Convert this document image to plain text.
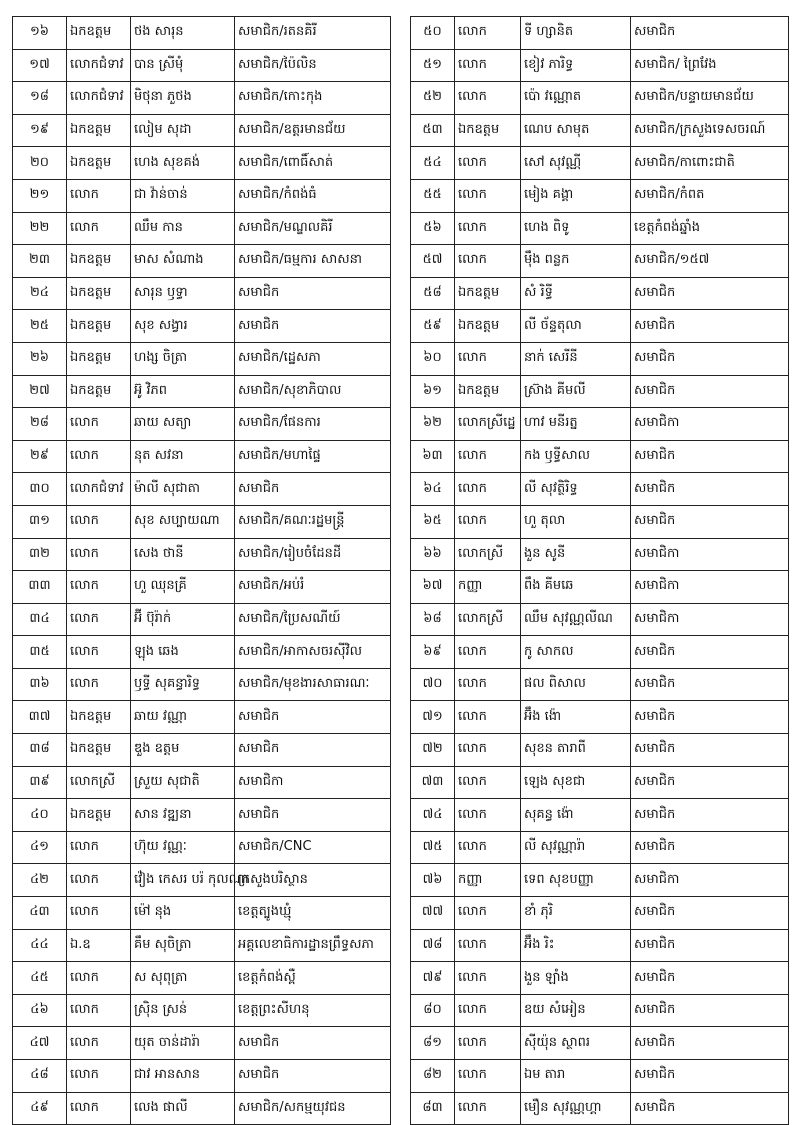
១៦	ឯកឧត្តម	ថង សារុន	សមាជិក/រតនគិរី
១៧	លោកជំទាវ	បាន ស្រីមុំ	សមាជិក/ប៉ៃលិន
១៨	លោកជំទាវ	មិថុនា ភួថង	សមាជិក/កោះកុង
១៩	ឯកឧត្តម	លៀម សុដា	សមាជិក/ឧត្តរមានជ័យ
២០	ឯកឧត្តម	ហេង សុខគង់	សមាជិក/ពោធិ៍សាត់
២១	លោក	ជា វ៉ាន់ចាន់	សមាជិក/កំពង់ធំ
២២	លោក	ឈឹម កាន	សមាជិក/មណ្ឌលគិរី
២៣	ឯកឧត្តម	មាស សំណាង	សមាជិក/ធម្មការ សាសនា
២៤	ឯកឧត្តម	សារុន ឫទ្ធា	សមាជិក
២៥	ឯកឧត្តម	សុខ សង្វារ	សមាជិក
២៦	ឯកឧត្តម	ហង្ស ចិត្រា	សមាជិក/ដ្ឋេសភា
២៧	ឯកឧត្តម	អ៊ូ វិភព	សមាជិក/សុខាភិបាល
២៨	លោក	ឆាយ សត្យា	សមាជិក/ផែនការ
២៩	លោក	នុត សវនា	សមាជិក/មហាផ្ទៃ
៣០	លោកជំទាវ	ម៉ាលី សុជាតា	សមាជិក
៣១	លោក	សុខ សប្បាយណា	សមាជិក/គណៈរដ្ឋមន្ត្រី
៣២	លោក	សេង ថានី	សមាជិក/រៀបចំដែនដី
៣៣	លោក	ហួ ឈុនគ្រី	សមាជិក/អប់រំ
៣៤	លោក	អ៊ី ប៊ុរ៉ាក់	សមាជិក/ប្រៃសណីយ៍
៣៥	លោក	ឡុង ឆេង	សមាជិក/អាកាសចរស៊ីវិល
៣៦	លោក	ឫទ្ធី សុគន្ធារិទ្ធ	សមាជិក/មុខងារសាធារណៈ
៣៧	ឯកឧត្តម	ឆាយ វណ្ណា	សមាជិក
៣៨	ឯកឧត្តម	ឌួង ឧត្តម	សមាជិក
៣៩	លោកស្រី	ស្រួយ សុជាតិ	សមាជិកា
៤០	ឯកឧត្តម	សាន វឌ្ឍនា	សមាជិក
៤១	លោក	ហ៊ុយ វណ្ណៈ	សមាជិក/CNC
៤២	លោក	វ៉ៀង កេសរ បរ៉ កុលណា	ក្រសួងបរិស្ថាន
៤៣	លោក	ម៉ៅ នុង	ខេត្តត្បូងឃ្មុំ
៤៤	ឯ.ឧ	គឹម សុចិត្រា	អគ្គលេខាធិការដ្ឋានព្រឹទ្ធសភា
៤៥	លោក	ស សុពុត្រា	ខេត្តកំពង់ស្ពឺ
៤៦	លោក	ស្រ៊ិន ស្រន់	ខេត្តព្រះសីហនុ
៤៧	លោក	យុត ចាន់ដារ៉ា	សមាជិក
៤៨	លោក	ជាវ អានសាន	សមាជិក
៤៩	លោក	លេង ផាលី	សមាជិក/សកម្មយុវជន
៥០	លោក	ទី ហ្សានិត	សមាជិក
៥១	លោក	ខៀវ ភារិទ្ធ	សមាជិក/ ព្រៃវែង
៥២	លោក	ប៉ោ វណ្ណោត	សមាជិក/បន្ទាយមានជ័យ
៥៣	ឯកឧត្តម	ណេប សាមុត	សមាជិក/ក្រសួងទេសចរណ៍
៥៤	លោក	សៅ សុវណ្ណី	សមាជិក/កាពោះជាតិ
៥៥	លោក	មៀង គង្គា	សមាជិក/កំពត
៥៦	លោក	ហេង ពិទូ	ខេត្តកំពង់ឆ្នាំង
៥៧	លោក	ម៉ឹង ពន្លក	សមាជិក/១៥៧
៥៨	ឯកឧត្តម	សំ រិទ្ធី	សមាជិក
៥៩	ឯកឧត្តម	លី ច័ន្ទតុលា	សមាជិក
៦០	លោក	នាក់ សេរីនី	សមាជិក
៦១	ឯកឧត្តម	ស្រ៊ាង គីមលី	សមាជិក
៦២	លោកស្រីដ្ឋេ	ហាវ មនីរត្ន	សមាជិកា
៦៣	លោក	កង ឫទ្ធីសាល	សមាជិក
៦៤	លោក	លី សុវត្ថិរិទ្ធ	សមាជិក
៦៥	លោក	ហួ តុលា	សមាជិក
៦៦	លោកស្រី	ងួន សូនី	សមាជិកា
៦៧	កញ្ញា	ពឹង គីមឆេ	សមាជិកា
៦៨	លោកស្រី	ឈឹម សុវណ្ណលីណ	សមាជិកា
៦៩	លោក	កូ សាកល	សមាជិក
៧០	លោក	ផល ពិសាល	សមាជិក
៧១	លោក	អ៊ឹង ង៉ោ	សមាជិក
៧២	លោក	សុខន តារាពី	សមាជិក
៧៣	លោក	ឡេង សុខជា	សមាជិក
៧៤	លោក	សុគន្ធ ង៉ោ	សមាជិក
៧៥	លោក	លី សុវណ្ណារ៉ា	សមាជិក
៧៦	កញ្ញា	ទេព សុខបញ្ញា	សមាជិកា
៧៧	លោក	ខាំ ភុរិ	សមាជិក
៧៨	លោក	អ៊ឹង រិះ	សមាជិក
៧៩	លោក	ងួន ឡាំង	សមាជិក
៨០	លោក	ឧយ សំអៀន	សមាជិក
៨១	លោក	ស៊ីយ៉ុន ស្ថាពរ	សមាជិក
៨២	លោក	ឯម តារា	សមាជិក
៨៣	លោក	មឿន សុវណ្ណហ្គា	សមាជិក
